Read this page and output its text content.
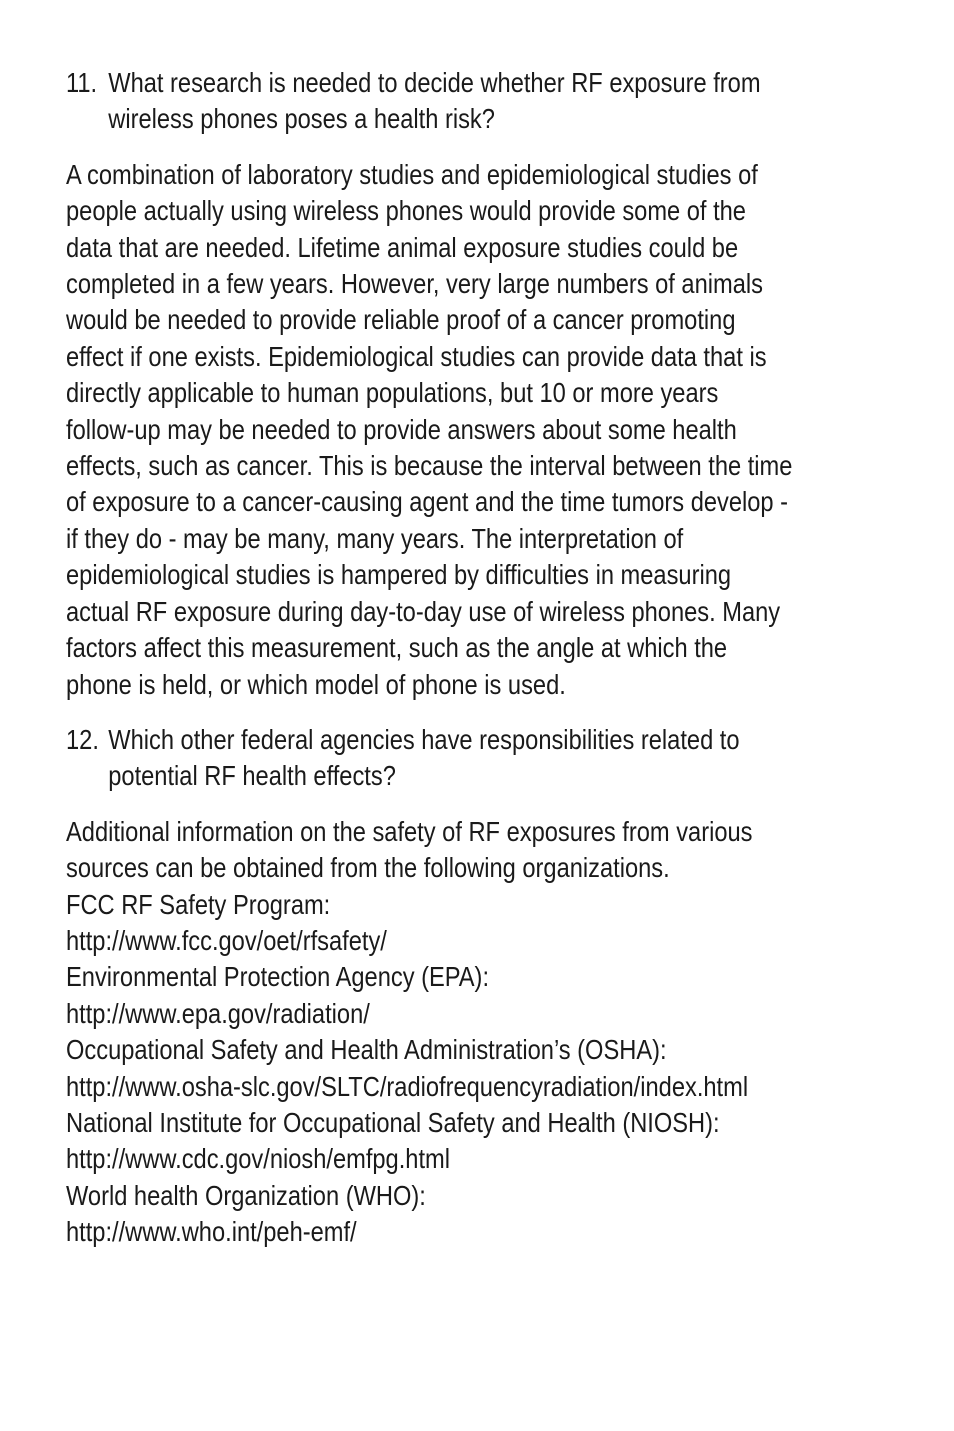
11. What research is needed to decide whether RF exposure from
wireless phones poses a health risk?
A combination of laboratory studies and epidemiological studies of
people actually using wireless phones would provide some of the
data that are needed. Lifetime animal exposure studies could be
completed in a few years. However, very large numbers of animals
would be needed to provide reliable proof of a cancer promoting
effect if one exists. Epidemiological studies can provide data that is
directly applicable to human populations, but 10 or more years
follow-up may be needed to provide answers about some health
effects, such as cancer. This is because the interval between the time
of exposure to a cancer-causing agent and the time tumors develop -
if they do - may be many, many years. The interpretation of
epidemiological studies is hampered by difficulties in measuring
actual RF exposure during day-to-day use of wireless phones. Many
factors affect this measurement, such as the angle at which the
phone is held, or which model of phone is used.
12. Which other federal agencies have responsibilities related to
potential RF health effects?
Additional information on the safety of RF exposures from various
sources can be obtained from the following organizations.
FCC RF Safety Program:
http://www.fcc.gov/oet/rfsafety/
Environmental Protection Agency (EPA):
http://www.epa.gov/radiation/
Occupational Safety and Health Administration’s (OSHA):
http://www.osha-slc.gov/SLTC/radiofrequencyradiation/index.html
National Institute for Occupational Safety and Health (NIOSH):
http://www.cdc.gov/niosh/emfpg.html
World health Organization (WHO):
http://www.who.int/peh-emf/
